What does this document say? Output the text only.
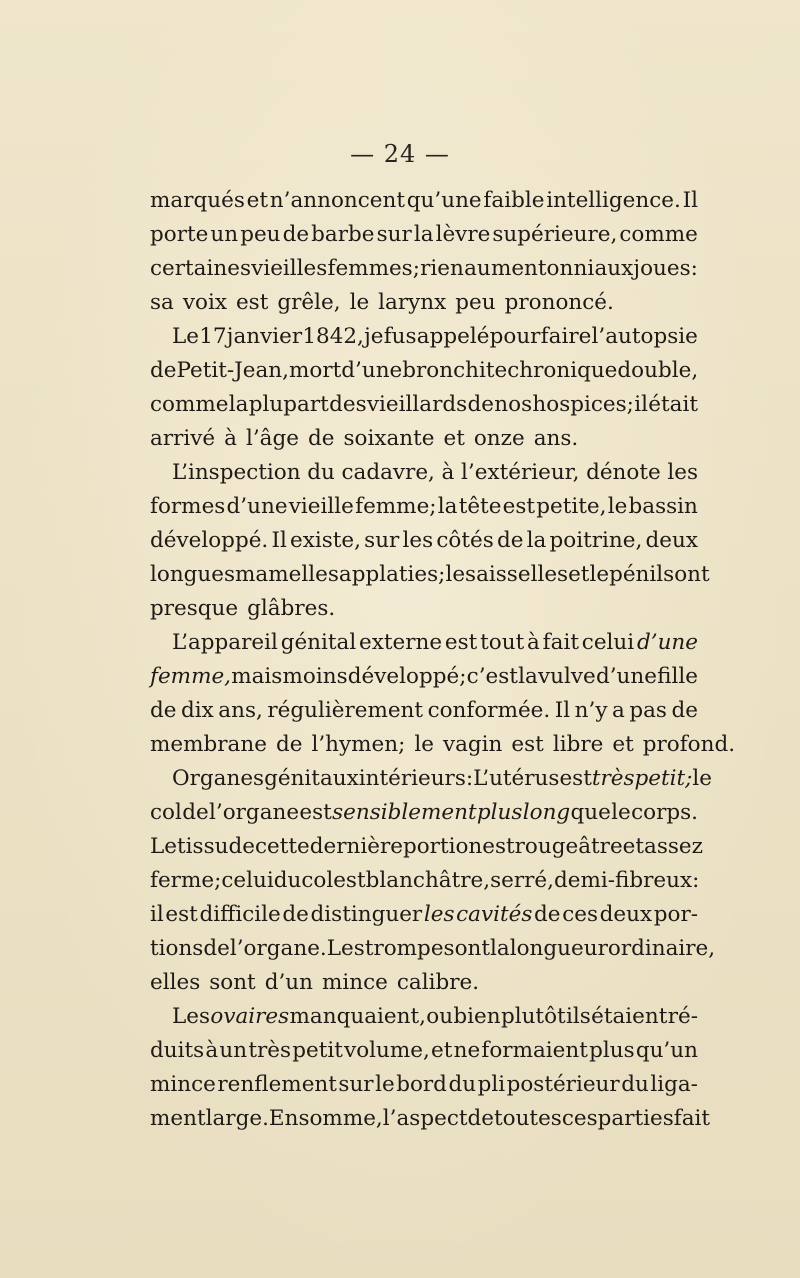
— 24 —
marqués et n’annoncent qu’une faible intelligence. Il
porte un peu de barbe sur la lèvre supérieure, comme
certaines vieilles femmes; rien au menton ni aux joues:
sa voix est grêle, le larynx peu prononcé.
Le 17 janvier 1842, je fus appelé pour faire l’autopsie
de Petit-Jean, mort d’une bronchite chronique double,
comme la plupart des vieillards de nos hospices; il était
arrivé à l’âge de soixante et onze ans.
L’inspection du cadavre, à l’extérieur, dénote les
formes d’une vieille femme; la tête est petite, le bassin
développé. Il existe, sur les côtés de la poitrine, deux
longues mamelles applaties; les aisselles et le pénil sont
presque glâbres.
L’appareil génital externe est tout à fait celui d’une
femme, mais moins développé; c’est la vulve d’une fille
de dix ans, régulièrement conformée. Il n’y a pas de
membrane de l’hymen; le vagin est libre et profond.
Organes génitaux intérieurs: L’utérus est très petit; le
col de l’organe est sensiblement plus long que le corps.
Le tissu de cette dernière portion est rougeâtre et assez
ferme; celui du col est blanchâtre, serré, demi-fibreux :
il est difficile de distinguer les cavités de ces deux por-
tions de l’organe. Les trompes ont la longueur ordinaire,
elles sont d’un mince calibre.
Les ovaires manquaient, ou bien plutôt ils étaient ré-
duits à un très petit volume, et ne formaient plus qu’un
mince renflement sur le bord du pli postérieur du liga-
ment large. En somme, l’aspect de toutes ces parties fait
